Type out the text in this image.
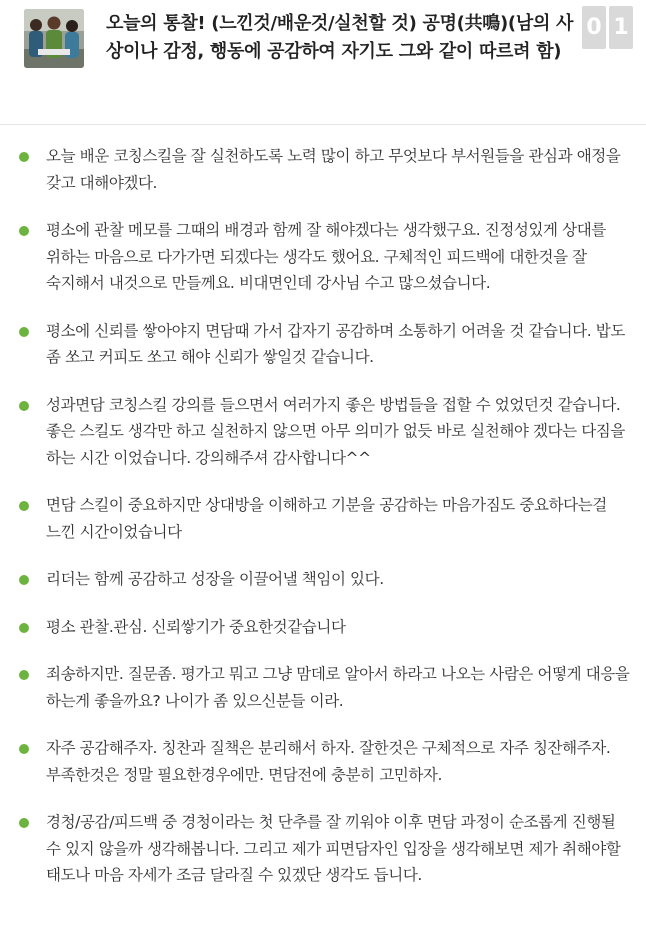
오늘의 통찰! (느낀것/배운것/실천할 것) 공명(共鳴)(남의 사상이나 감정, 행동에 공감하여 자기도 그와 같이 따르려 함)
0 1
오늘 배운 코칭스킬을 잘 실천하도록 노력 많이 하고 무엇보다 부서원들을 관심과 애정을 갖고 대해야겠다.
평소에 관찰 메모를 그때의 배경과 함께 잘 해야겠다는 생각했구요. 진정성있게 상대를 위하는 마음으로 다가가면 되겠다는 생각도 했어요. 구체적인 피드백에 대한것을 잘 숙지해서 내것으로 만들께요. 비대면인데 강사님 수고 많으셨습니다.
평소에 신뢰를 쌓아야지 면담때 가서 갑자기 공감하며 소통하기 어려울 것 같습니다. 밥도 좀 쏘고 커피도 쏘고 해야 신뢰가 쌓일것 같습니다.
성과면담 코칭스킬 강의를 들으면서 여러가지 좋은 방법들을 접할 수 었었던것 같습니다. 좋은 스킬도 생각만 하고 실천하지 않으면 아무 의미가 없듯 바로 실천해야 겠다는 다짐을 하는 시간 이었습니다. 강의해주셔 감사합니다^^
면담 스킬이 중요하지만 상대방을 이해하고 기분을 공감하는 마음가짐도 중요하다는걸 느낀 시간이었습니다
리더는 함께 공감하고 성장을 이끌어낼 책임이 있다.
평소 관찰.관심. 신뢰쌓기가 중요한것같습니다
죄송하지만. 질문좀. 평가고 뭐고 그냥 맘데로 알아서 하라고 나오는 사람은 어떻게 대응을 하는게 좋을까요? 나이가 좀 있으신분들 이라.
자주 공감해주자. 칭찬과 질책은 분리해서 하자. 잘한것은 구체적으로 자주 칭잔해주자. 부족한것은 정말 필요한경우에만. 면담전에 충분히 고민하자.
경청/공감/피드백 중 경청이라는 첫 단추를 잘 끼워야 이후 면담 과정이 순조롭게 진행될 수 있지 않을까 생각해봅니다. 그리고 제가 피면담자인 입장을 생각해보면 제가 취해야할 태도나 마음 자세가 조금 달라질 수 있겠단 생각도 듭니다.
